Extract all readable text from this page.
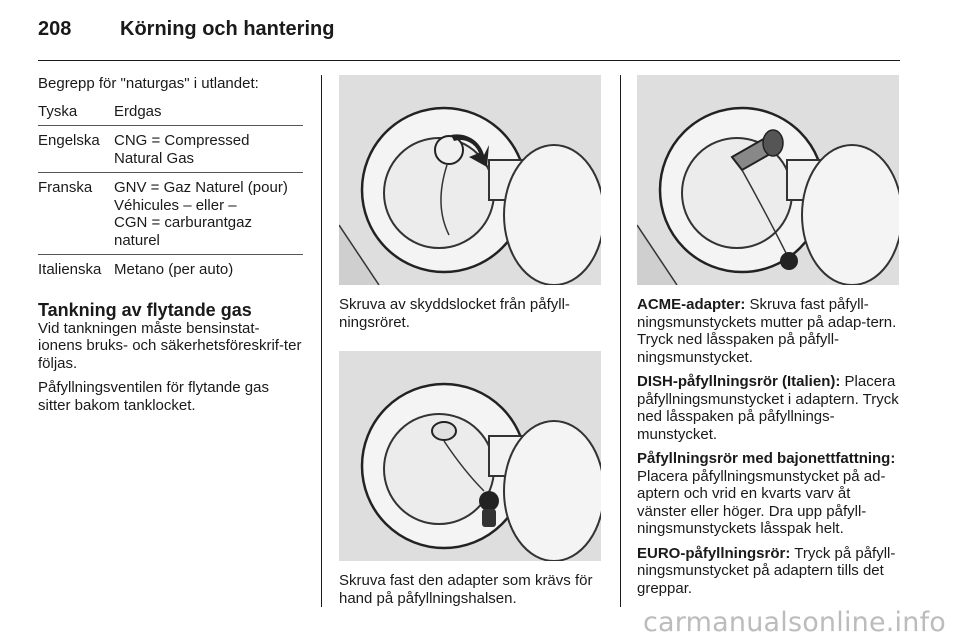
208	Körning och hantering

Begrepp för "naturgas" i utlandet:

Tyska	Erdgas

Engelska	CNG = Compressed
Natural Gas

Franska	GNV = Gaz Naturel (pour)
Véhicules – eller –
CGN = carburantgaz
naturel

Italienska	Metano (per auto)
Tankning av flytande gas

Vid tankningen måste bensinstat-ionens bruks- och säkerhetsföreskrif-ter följas.

Påfyllningsventilen för flytande gas sitter bakom tanklocket.

Skruva av skyddslocket från påfyll-ningsröret.

Skruva fast den adapter som krävs för hand på påfyllningshalsen.

ACME-adapter: Skruva fast påfyll-ningsmunstyckets mutter på adap-tern. Tryck ned låsspaken på påfyll-ningsmunstycket.

DISH-påfyllningsrör (Italien): Placera påfyllningsmunstycket i adaptern. Tryck ned låsspaken på påfyllnings-munstycket.

Påfyllningsrör med bajonettfattning: Placera påfyllningsmunstycket på ad-aptern och vrid en kvarts varv åt vänster eller höger. Dra upp påfyll-ningsmunstyckets låsspak helt.

EURO-påfyllningsrör: Tryck på påfyll-ningsmunstycket på adaptern tills det greppar.

carmanualsonline.info
